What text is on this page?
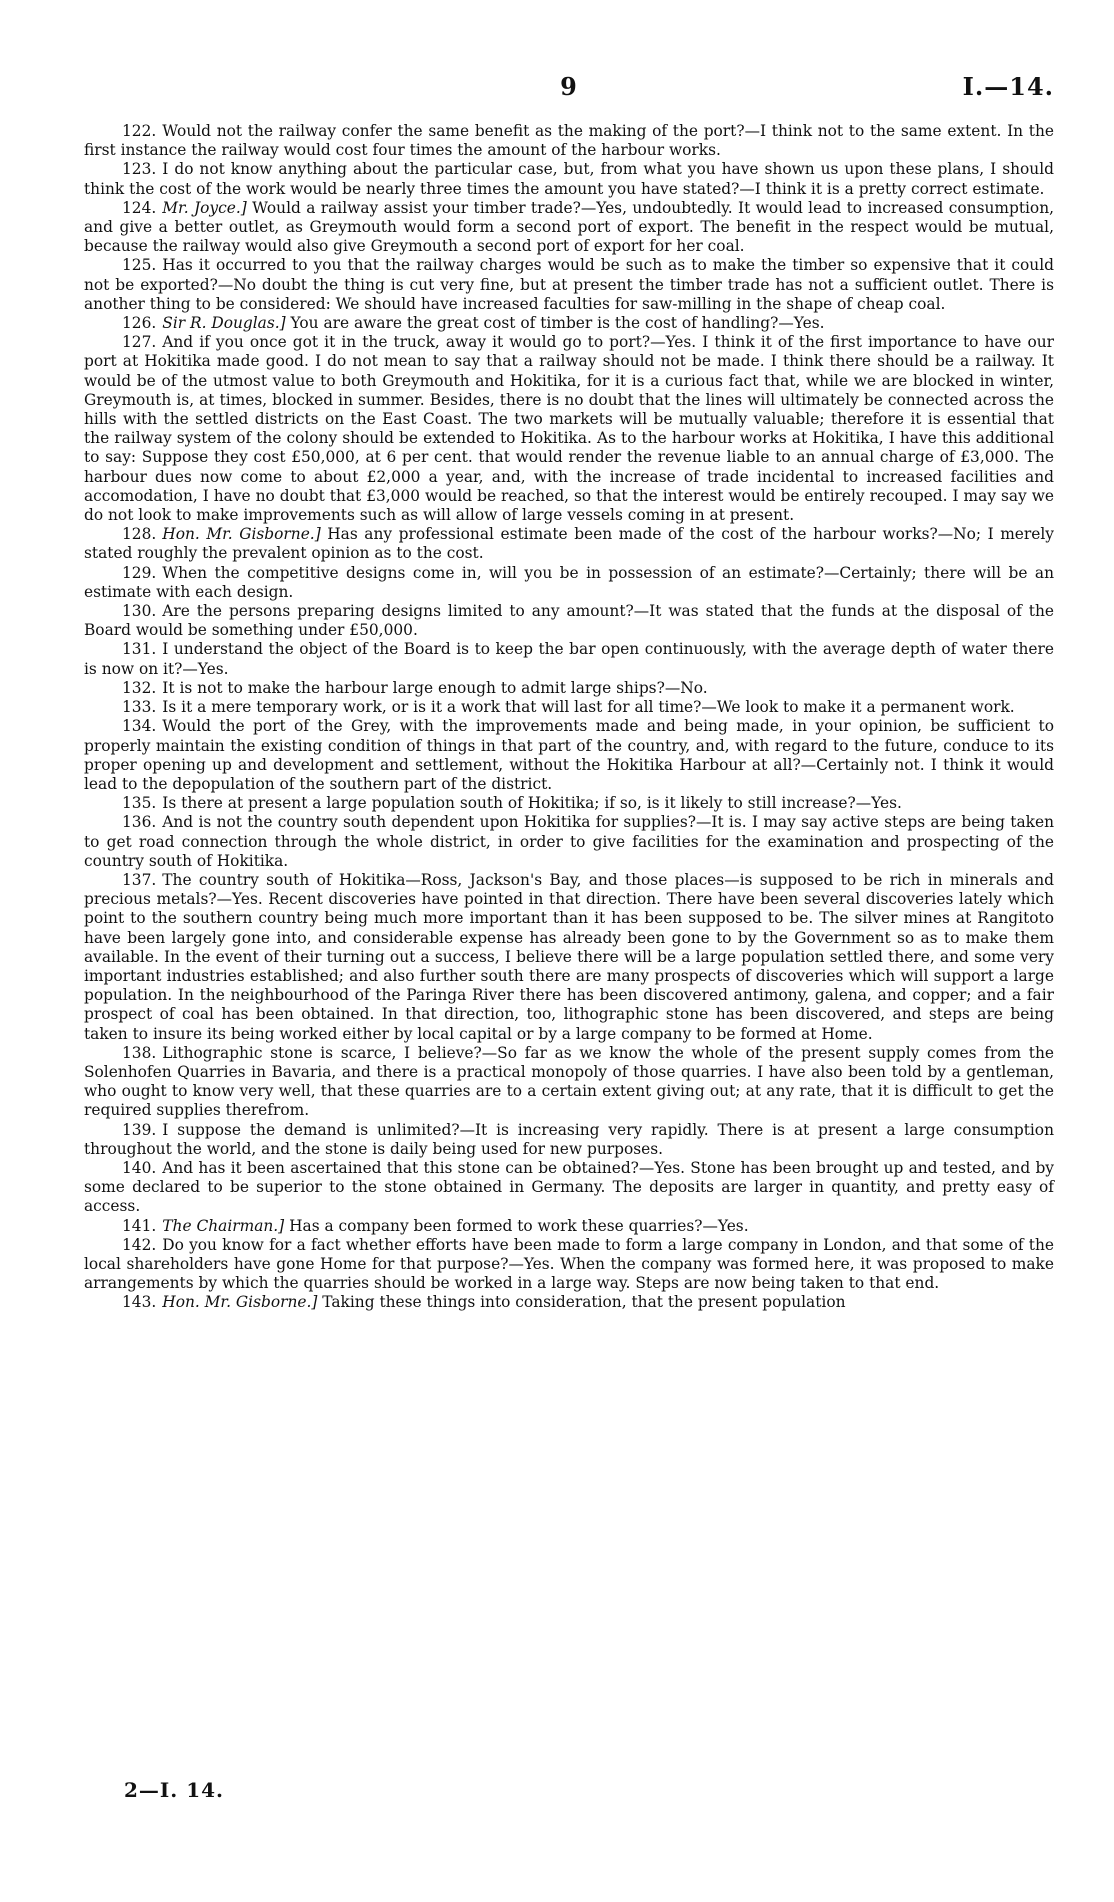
9	I.—14.

122. Would not the railway confer the same benefit as the making of the port?—I think not to the same extent. In the first instance the railway would cost four times the amount of the harbour works.

123. I do not know anything about the particular case, but, from what you have shown us upon these plans, I should think the cost of the work would be nearly three times the amount you have stated?—I think it is a pretty correct estimate.

124. Mr. Joyce.] Would a railway assist your timber trade?—Yes, undoubtedly. It would lead to increased consumption, and give a better outlet, as Greymouth would form a second port of export. The benefit in the respect would be mutual, because the railway would also give Greymouth a second port of export for her coal.

125. Has it occurred to you that the railway charges would be such as to make the timber so expensive that it could not be exported?—No doubt the thing is cut very fine, but at present the timber trade has not a sufficient outlet. There is another thing to be considered: We should have increased faculties for saw-milling in the shape of cheap coal.

126. Sir R. Douglas.] You are aware the great cost of timber is the cost of handling?—Yes.

127. And if you once got it in the truck, away it would go to port?—Yes. I think it of the first importance to have our port at Hokitika made good. I do not mean to say that a railway should not be made. I think there should be a railway. It would be of the utmost value to both Greymouth and Hokitika, for it is a curious fact that, while we are blocked in winter, Greymouth is, at times, blocked in summer. Besides, there is no doubt that the lines will ultimately be connected across the hills with the settled districts on the East Coast. The two markets will be mutually valuable; therefore it is essential that the railway system of the colony should be extended to Hokitika. As to the harbour works at Hokitika, I have this additional to say: Suppose they cost £50,000, at 6 per cent. that would render the revenue liable to an annual charge of £3,000. The harbour dues now come to about £2,000 a year, and, with the increase of trade incidental to increased facilities and accomodation, I have no doubt that £3,000 would be reached, so that the interest would be entirely recouped. I may say we do not look to make improvements such as will allow of large vessels coming in at present.

128. Hon. Mr. Gisborne.] Has any professional estimate been made of the cost of the harbour works?—No; I merely stated roughly the prevalent opinion as to the cost.

129. When the competitive designs come in, will you be in possession of an estimate?—Certainly; there will be an estimate with each design.

130. Are the persons preparing designs limited to any amount?—It was stated that the funds at the disposal of the Board would be something under £50,000.

131. I understand the object of the Board is to keep the bar open continuously, with the average depth of water there is now on it?—Yes.

132. It is not to make the harbour large enough to admit large ships?—No.

133. Is it a mere temporary work, or is it a work that will last for all time?—We look to make it a permanent work.

134. Would the port of the Grey, with the improvements made and being made, in your opinion, be sufficient to properly maintain the existing condition of things in that part of the country, and, with regard to the future, conduce to its proper opening up and development and settlement, without the Hokitika Harbour at all?—Certainly not. I think it would lead to the depopulation of the southern part of the district.

135. Is there at present a large population south of Hokitika; if so, is it likely to still increase?—Yes.

136. And is not the country south dependent upon Hokitika for supplies?—It is. I may say active steps are being taken to get road connection through the whole district, in order to give facilities for the examination and prospecting of the country south of Hokitika.

137. The country south of Hokitika—Ross, Jackson's Bay, and those places—is supposed to be rich in minerals and precious metals?—Yes. Recent discoveries have pointed in that direction. There have been several discoveries lately which point to the southern country being much more important than it has been supposed to be. The silver mines at Rangitoto have been largely gone into, and considerable expense has already been gone to by the Government so as to make them available. In the event of their turning out a success, I believe there will be a large population settled there, and some very important industries established; and also further south there are many prospects of discoveries which will support a large population. In the neighbourhood of the Paringa River there has been discovered antimony, galena, and copper; and a fair prospect of coal has been obtained. In that direction, too, lithographic stone has been discovered, and steps are being taken to insure its being worked either by local capital or by a large company to be formed at Home.

138. Lithographic stone is scarce, I believe?—So far as we know the whole of the present supply comes from the Solenhofen Quarries in Bavaria, and there is a practical monopoly of those quarries. I have also been told by a gentleman, who ought to know very well, that these quarries are to a certain extent giving out; at any rate, that it is difficult to get the required supplies therefrom.

139. I suppose the demand is unlimited?—It is increasing very rapidly. There is at present a large consumption throughout the world, and the stone is daily being used for new purposes.

140. And has it been ascertained that this stone can be obtained?—Yes. Stone has been brought up and tested, and by some declared to be superior to the stone obtained in Germany. The deposits are larger in quantity, and pretty easy of access.

141. The Chairman.] Has a company been formed to work these quarries?—Yes.

142. Do you know for a fact whether efforts have been made to form a large company in London, and that some of the local shareholders have gone Home for that purpose?—Yes. When the company was formed here, it was proposed to make arrangements by which the quarries should be worked in a large way. Steps are now being taken to that end.

143. Hon. Mr. Gisborne.] Taking these things into consideration, that the present population

2—I. 14.
